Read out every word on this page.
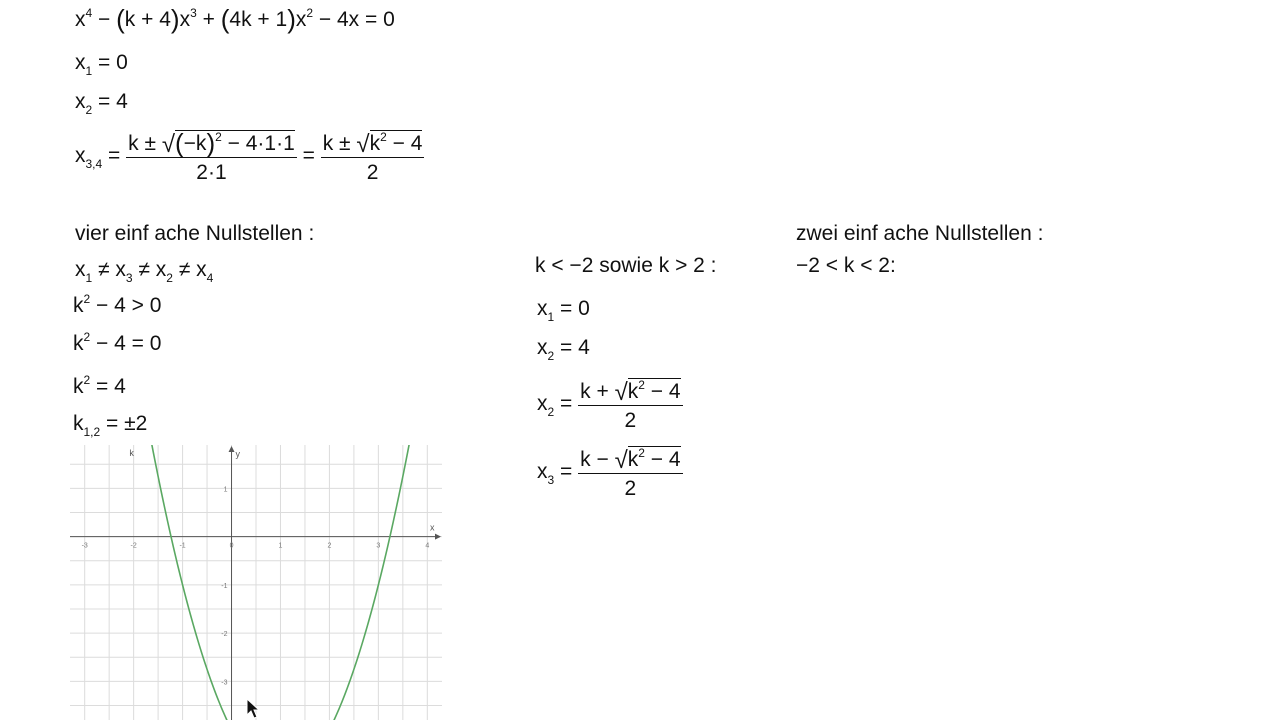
$x^4 - (k + 4)x^3 + (4k + 1)x^2 - 4x = 0$
$x_1 = 0$
$x_2 = 4$
$x_{3,4} = \frac{k \pm √(-k)^2 - 4\cdot 1\cdot 1}{2\cdot 1} = \frac{k \pm √k^2 - 4}{2}$
vier einf ache Nullstellen :
$x_1 \ne x_3 \ne x_2 \ne x_4$
$k^2 - 4 > 0$
$k^2 - 4 = 0$
$k^2 = 4$
$k_{1,2} = \pm 2$
k < −2 sowie k > 2 :
$x_1 = 0$
$x_2 = 4$
$x_2 = \frac{k + √k^2 - 4}{2}$
$x_3 = \frac{k - √k^2 - 4}{2}$
zwei einf ache Nullstellen :
−2 < k < 2:
x
y
-3	-2	-1	0	1	2	3	4
1
-1
-2
-3
k
